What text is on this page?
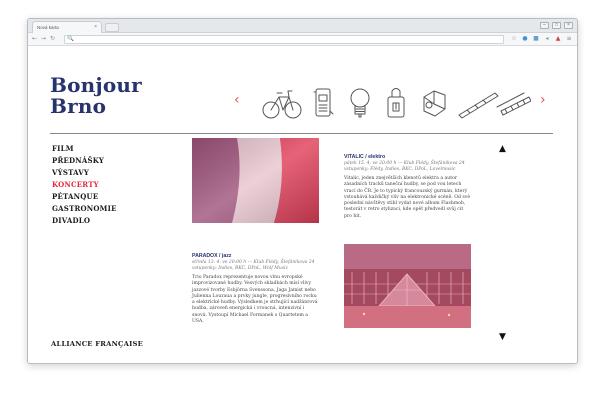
Nová karta	×	–	□	×
← → ↻ 🔍	☆ ● ■	◂	▲ ≡
Bonjour Brno	‹	›
FILM
PŘEDNÁŠKY
VÝSTAVY
KONCERTY
PÉTANQUE
GASTRONOMIE
DIVADLO
ALLIANCE FRANÇAISE
VITALIC / elektro
pátek 15. 4. ve 20:00 h — Klub Flédy, Štefánikova 24
vstupenky: Flédy, Indies, BKC, DPoL, Lovelmusic
Vitalic, jeden znejvětších klenotů elektra a autor zásadních tracků taneční hudby, se pod vou letech vrací do ČR. Je to typický francouzský gurmán, který vstoubává každičký vlív na elektronické scéně. Od své poslední návštěvy stihl vydat nové album Flashmob, testorát v retro stylizaci, kde opět předvedl svůj cit pro hit.
PARADOX / jazz
středa 13. 4. ve 20:00 h — Klub Flédy, Štefánikova 24
vstupenky: Indies, BKC, DPoL, Wolf Music
Trio Paradox reprezentuje novou vlnu evropské improvizované hudby. Vesvých skladbách mísí vlivy jazzové tvorby Esbjörna Svenssona, Jaga Jamist nebo Julienna Lourauа a prvky jungle, progresivního rocku a elektrické hudby. Výsledkem je strhující nadžánrová hudba, zároveň energická i vroucná, intenzivní i snová. Vystoupí Michael Formanek s Quartetem a USA.
▲
▼
